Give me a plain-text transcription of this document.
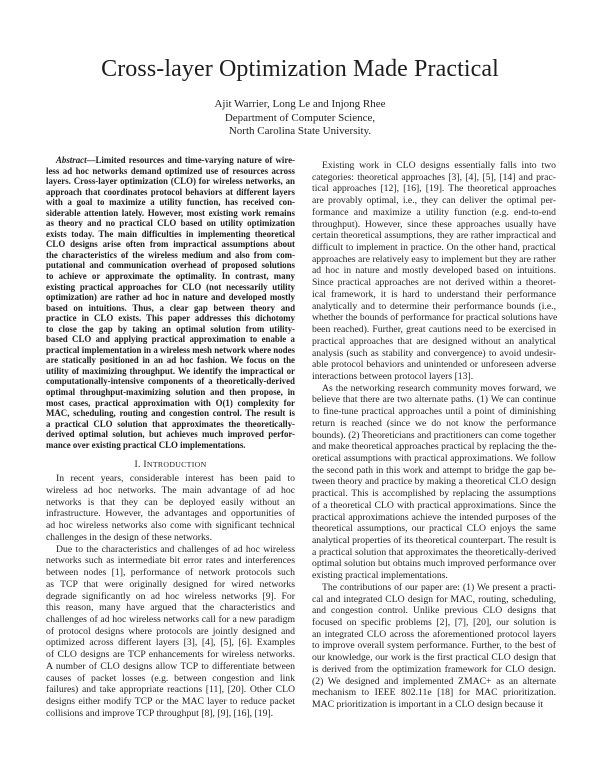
Cross-layer Optimization Made Practical
Ajit Warrier, Long Le and Injong Rhee
Department of Computer Science,
North Carolina State University.
Abstract—Limited resources and time-varying nature of wire-
less ad hoc networks demand optimized use of resources across
layers. Cross-layer optimization (CLO) for wireless networks, an
approach that coordinates protocol behaviors at different layers
with a goal to maximize a utility function, has received con-
siderable attention lately. However, most existing work remains
as theory and no practical CLO based on utility optimization
exists today. The main difficulties in implementing theoretical
CLO designs arise often from impractical assumptions about
the characteristics of the wireless medium and also from com-
putational and communication overhead of proposed solutions
to achieve or approximate the optimality. In contrast, many
existing practical approaches for CLO (not necessarily utility
optimization) are rather ad hoc in nature and developed mostly
based on intuitions. Thus, a clear gap between theory and
practice in CLO exists. This paper addresses this dichotomy
to close the gap by taking an optimal solution from utility-
based CLO and applying practical approximation to enable a
practical implementation in a wireless mesh network where nodes
are statically positioned in an ad hoc fashion. We focus on the
utility of maximizing throughput. We identify the impractical or
computationally-intensive components of a theoretically-derived
optimal throughput-maximizing solution and then propose, in
most cases, practical approximation with O(1) complexity for
MAC, scheduling, routing and congestion control. The result is
a practical CLO solution that approximates the theoretically-
derived optimal solution, but achieves much improved perfor-
mance over existing practical CLO implementations.
I. INTRODUCTION
In recent years, considerable interest has been paid to
wireless ad hoc networks. The main advantage of ad hoc
networks is that they can be deployed easily without an
infrastructure. However, the advantages and opportunities of
ad hoc wireless networks also come with significant technical
challenges in the design of these networks.
Due to the characteristics and challenges of ad hoc wireless
networks such as intermediate bit error rates and interferences
between nodes [1], performance of network protocols such
as TCP that were originally designed for wired networks
degrade significantly on ad hoc wireless networks [9]. For
this reason, many have argued that the characteristics and
challenges of ad hoc wireless networks call for a new paradigm
of protocol designs where protocols are jointly designed and
optimized across different layers [3], [4], [5], [6]. Examples
of CLO designs are TCP enhancements for wireless networks.
A number of CLO designs allow TCP to differentiate between
causes of packet losses (e.g. between congestion and link
failures) and take appropriate reactions [11], [20]. Other CLO
designs either modify TCP or the MAC layer to reduce packet
collisions and improve TCP throughput [8], [9], [16], [19].
Existing work in CLO designs essentially falls into two
categories: theoretical approaches [3], [4], [5], [14] and prac-
tical approaches [12], [16], [19]. The theoretical approaches
are provably optimal, i.e., they can deliver the optimal per-
formance and maximize a utility function (e.g. end-to-end
throughput). However, since these approaches usually have
certain theoretical assumptions, they are rather impractical and
difficult to implement in practice. On the other hand, practical
approaches are relatively easy to implement but they are rather
ad hoc in nature and mostly developed based on intuitions.
Since practical approaches are not derived within a theoret-
ical framework, it is hard to understand their performance
analytically and to determine their performance bounds (i.e.,
whether the bounds of performance for practical solutions have
been reached). Further, great cautions need to be exercised in
practical approaches that are designed without an analytical
analysis (such as stability and convergence) to avoid undesir-
able protocol behaviors and unintended or unforeseen adverse
interactions between protocol layers [13].
As the networking research community moves forward, we
believe that there are two alternate paths. (1) We can continue
to fine-tune practical approaches until a point of diminishing
return is reached (since we do not know the performance
bounds). (2) Theoreticians and practitioners can come together
and make theoretical approaches practical by replacing the the-
oretical assumptions with practical approximations. We follow
the second path in this work and attempt to bridge the gap be-
tween theory and practice by making a theoretical CLO design
practical. This is accomplished by replacing the assumptions
of a theoretical CLO with practical approximations. Since the
practical approximations achieve the intended purposes of the
theoretical assumptions, our practical CLO enjoys the same
analytical properties of its theoretical counterpart. The result is
a practical solution that approximates the theoretically-derived
optimal solution but obtains much improved performance over
existing practical implementations.
The contributions of our paper are: (1) We present a practi-
cal and integrated CLO design for MAC, routing, scheduling,
and congestion control. Unlike previous CLO designs that
focused on specific problems [2], [7], [20], our solution is
an integrated CLO across the aforementioned protocol layers
to improve overall system performance. Further, to the best of
our knowledge, our work is the first practical CLO design that
is derived from the optimization framework for CLO design.
(2) We designed and implemented ZMAC+ as an alternate
mechanism to IEEE 802.11e [18] for MAC prioritization.
MAC prioritization is important in a CLO design because it
